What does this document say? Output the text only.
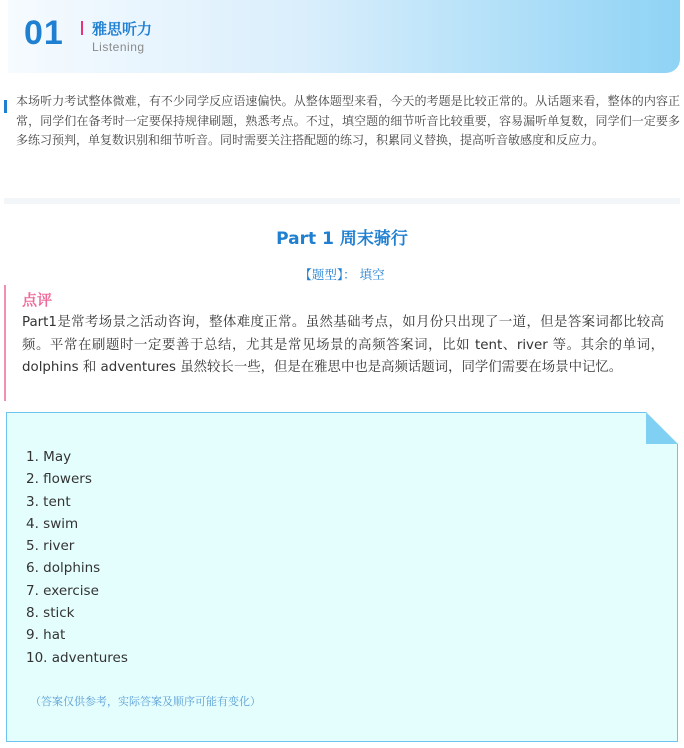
01 雅思听力
Listening

本场听力考试整体微难，有不少同学反应语速偏快。从整体题型来看，今天的考题是比较正常的。从话题来看，整体的内容正常，同学们在备考时一定要保持规律刷题，熟悉考点。不过，填空题的细节听音比较重要，容易漏听单复数，同学们一定要多多练习预判，单复数识别和细节听音。同时需要关注搭配题的练习，积累同义替换，提高听音敏感度和反应力。

Part 1 周末骑行
【题型】： 填空
点评

Part1是常考场景之活动咨询，整体难度正常。虽然基础考点，如月份只出现了一道，但是答案词都比较高频。平常在刷题时一定要善于总结，尤其是常见场景的高频答案词，比如 tent、river 等。其余的单词，dolphins 和 adventures 虽然较长一些，但是在雅思中也是高频话题词，同学们需要在场景中记忆。

1. May
2. flowers
3. tent
4. swim
5. river
6. dolphins
7. exercise
8. stick
9. hat
10. adventures
（答案仅供参考，实际答案及顺序可能有变化）
